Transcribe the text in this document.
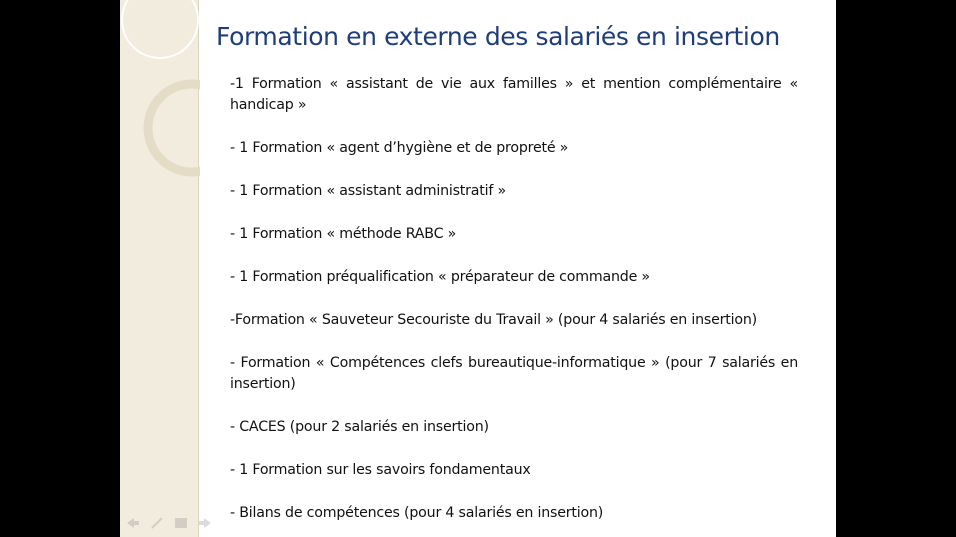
Formation en externe des salariés en insertion
-1 Formation « assistant de vie aux familles » et mention complémentaire « handicap »
- 1 Formation « agent d’hygiène et de propreté »
- 1 Formation « assistant administratif »
- 1 Formation « méthode RABC »
- 1 Formation préqualification « préparateur de commande »
-Formation « Sauveteur Secouriste du Travail » (pour 4 salariés en insertion)
- Formation « Compétences clefs bureautique-informatique » (pour 7 salariés en insertion)
- CACES (pour 2 salariés en insertion)
- 1 Formation sur les savoirs fondamentaux
- Bilans de compétences (pour 4 salariés en insertion)
